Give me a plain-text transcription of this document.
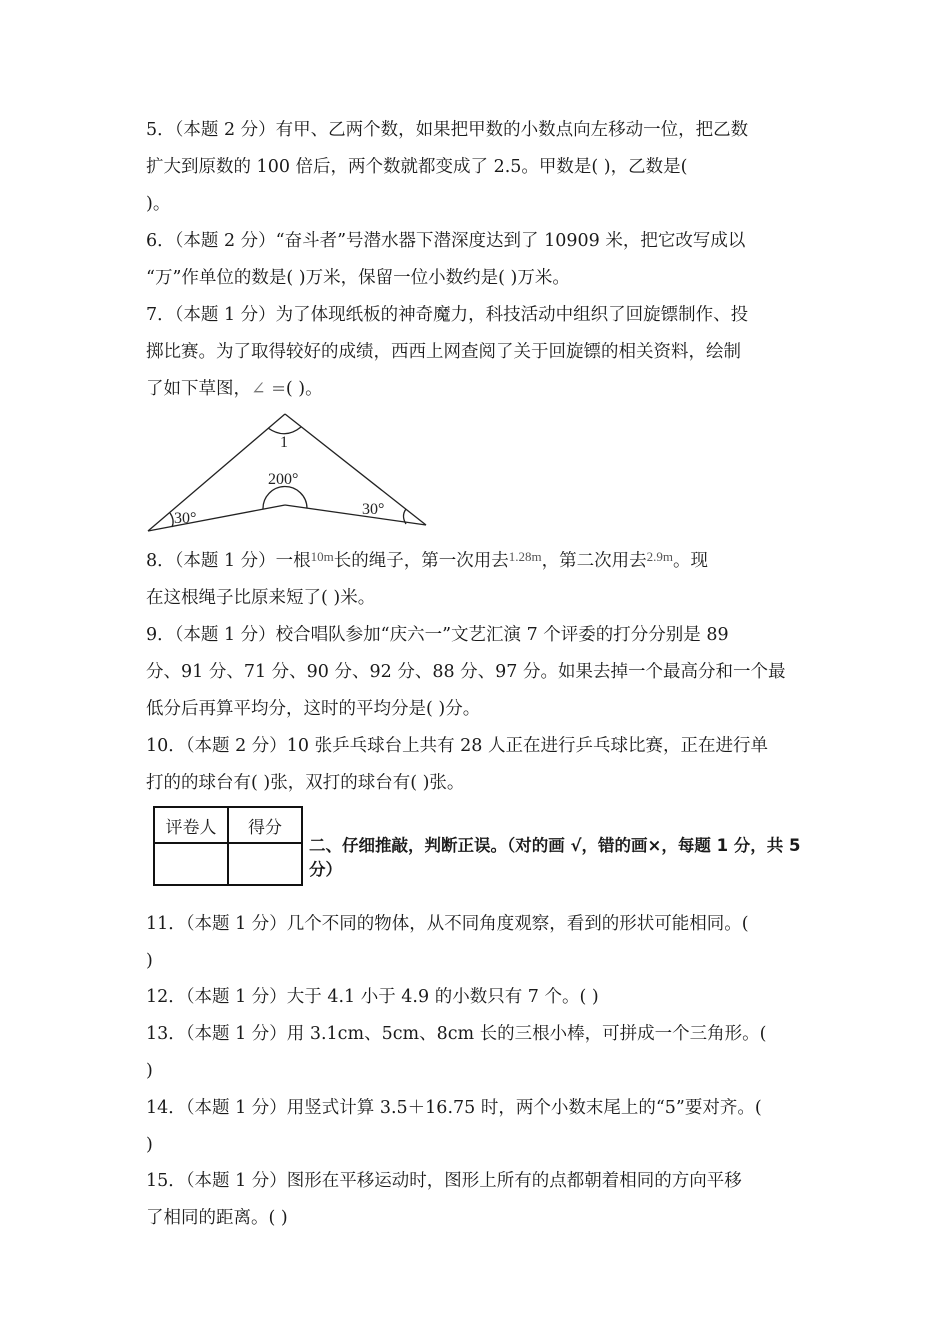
5．（本题 2 分）有甲、乙两个数，如果把甲数的小数点向左移动一位，把乙数
扩大到原数的 100 倍后，两个数就都变成了 2.5。甲数是( )，乙数是(
)。
6．（本题 2 分）“奋斗者”号潜水器下潜深度达到了 10909 米，把它改写成以
“万”作单位的数是( )万米，保留一位小数约是( )万米。
7．（本题 1 分）为了体现纸板的神奇魔力，科技活动中组织了回旋镖制作、投
掷比赛。为了取得较好的成绩，西西上网查阅了关于回旋镖的相关资料，绘制
了如下草图，∠ =( )。
1
200°
30°
30°
8．（本题 1 分）一根$^{10m}$长的绳子，第一次用去$^{1.28m}$，第二次用去$^{2.9m}$。现
在这根绳子比原来短了( )米。
9．（本题 1 分）校合唱队参加“庆六一”文艺汇演 7 个评委的打分分别是 89
分、91 分、71 分、90 分、92 分、88 分、97 分。如果去掉一个最高分和一个最
低分后再算平均分，这时的平均分是( )分。
10．（本题 2 分）10 张乒乓球台上共有 28 人正在进行乒乓球比赛，正在进行单
打的的球台有( )张，双打的球台有( )张。
评卷人	得分

二、仔细推敲，判断正误。（对的画 √，错的画×，每题 1 分，共 5 分）
11．（本题 1 分）几个不同的物体，从不同角度观察，看到的形状可能相同。(
)
12．（本题 1 分）大于 4.1 小于 4.9 的小数只有 7 个。( )
13．（本题 1 分）用 3.1cm、5cm、8cm 长的三根小棒，可拼成一个三角形。(
)
14．（本题 1 分）用竖式计算 3.5＋16.75 时，两个小数末尾上的“5”要对齐。(
)
15．（本题 1 分）图形在平移运动时，图形上所有的点都朝着相同的方向平移
了相同的距离。( )
